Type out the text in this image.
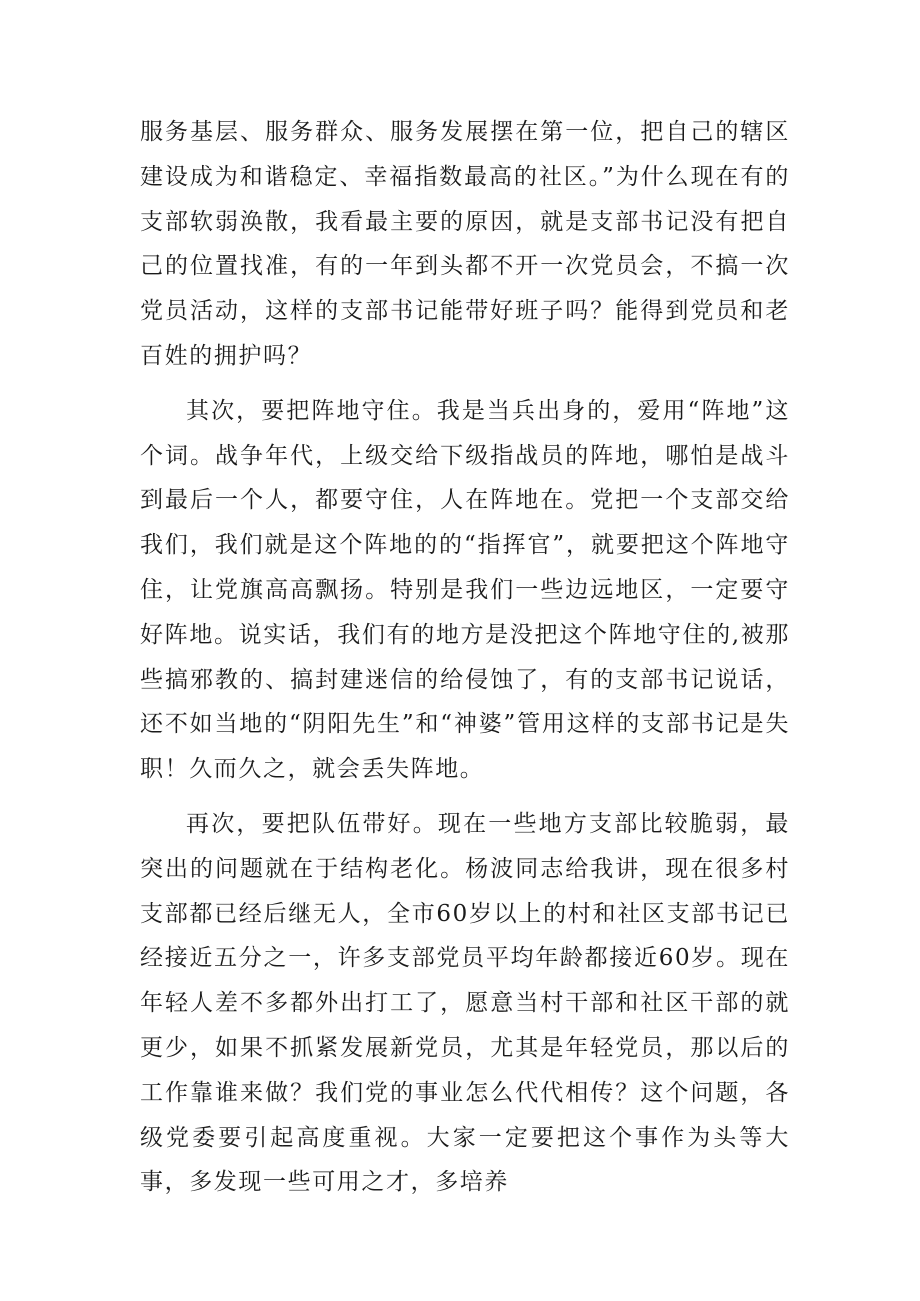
服务基层、服务群众、服务发展摆在第一位，把自己的辖区建设成为和谐稳定、幸福指数最高的社区。”为什么现在有的支部软弱涣散，我看最主要的原因，就是支部书记没有把自己的位置找准，有的一年到头都不开一次党员会，不搞一次党员活动，这样的支部书记能带好班子吗？能得到党员和老百姓的拥护吗？

其次，要把阵地守住。我是当兵出身的，爱用“阵地”这个词。战争年代，上级交给下级指战员的阵地，哪怕是战斗到最后一个人，都要守住，人在阵地在。党把一个支部交给我们，我们就是这个阵地的的“指挥官”，就要把这个阵地守住，让党旗高高飘扬。特别是我们一些边远地区，一定要守好阵地。说实话，我们有的地方是没把这个阵地守住的,被那些搞邪教的、搞封建迷信的给侵蚀了，有的支部书记说话，还不如当地的“阴阳先生”和“神婆”管用这样的支部书记是失职！久而久之，就会丢失阵地。

再次，要把队伍带好。现在一些地方支部比较脆弱，最突出的问题就在于结构老化。杨波同志给我讲，现在很多村支部都已经后继无人，全市60岁以上的村和社区支部书记已经接近五分之一，许多支部党员平均年龄都接近60岁。现在年轻人差不多都外出打工了，愿意当村干部和社区干部的就更少，如果不抓紧发展新党员，尤其是年轻党员，那以后的工作靠谁来做？我们党的事业怎么代代相传？这个问题，各级党委要引起高度重视。大家一定要把这个事作为头等大事，多发现一些可用之才，多培养
